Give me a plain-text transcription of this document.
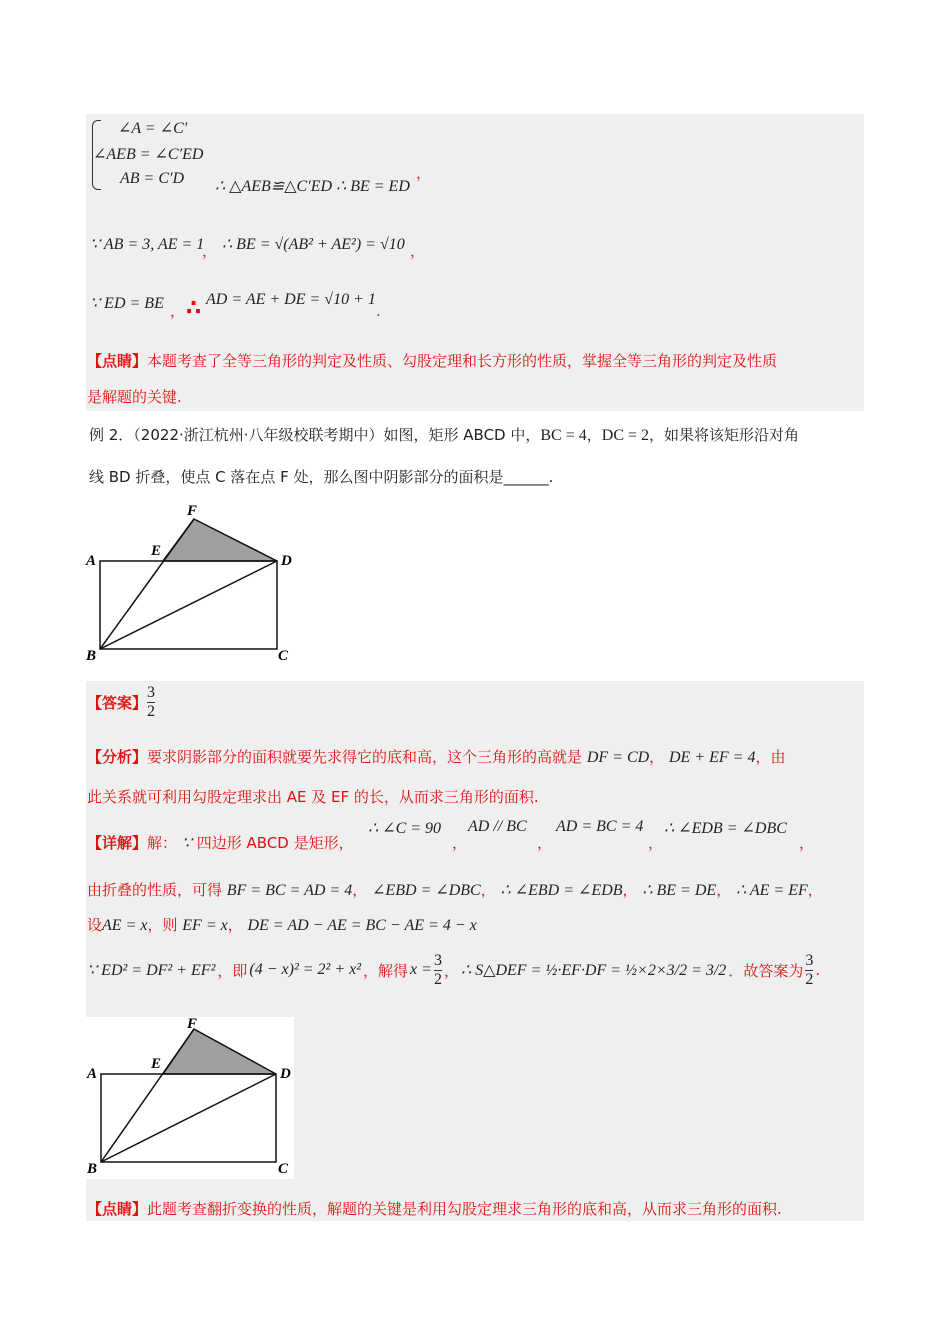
∠A = ∠C′
∠AEB = ∠C′ED
AB = C′D ∴ △AEB≌△C′ED ∴ BE = ED
，
∵ AB = 3, AE = 1
， ∴ BE = √(AB² + AE²) = √10 ，
∵ ED = BE ， ∴ AD = AE + DE = √10 + 1
.
【点睛】本题考查了全等三角形的判定及性质、勾股定理和长方形的性质，掌握全等三角形的判定及性质
是解题的关键.
例 2．（2022·浙江杭州·八年级校联考期中）如图，矩形 ABCD 中，BC = 4，DC = 2，如果将该矩形沿对角
线 BD 折叠，使点 C 落在点 F 处，那么图中阴影部分的面积是______.
F
E
A	D
B	C
【答案】 $\frac{3}{2}$
【分析】要求阴影部分的面积就要先求得它的底和高，这个三角形的高就是 DF = CD， DE + EF = 4，由
此关系就可利用勾股定理求出 AE 及 EF 的长，从而求三角形的面积.
【详解】解： ∵ 四边形 ABCD 是矩形，
∴ ∠C = 90
，
AD // BC
，
AD = BC = 4
，
∴ ∠EDB = ∠DBC
，
由折叠的性质，可得 BF = BC = AD = 4， ∠EBD = ∠DBC， ∴ ∠EBD = ∠EDB， ∴ BE = DE， ∴ AE = EF，
设AE = x，则 EF = x， DE = AD − AE = BC − AE = 4 − x
∵ ED² = DF² + EF² ，即 (4 − x)² = 2² + x² ，解得 $x = \frac{3}{2}$ ， ∴ S△DEF = ½·EF·DF = ½×2×3/2 = 3/2 ．故答案为 $\frac{3}{2}$ .
F
E
A	D
B	C
【点睛】此题考查翻折变换的性质，解题的关键是利用勾股定理求三角形的底和高，从而求三角形的面积.
